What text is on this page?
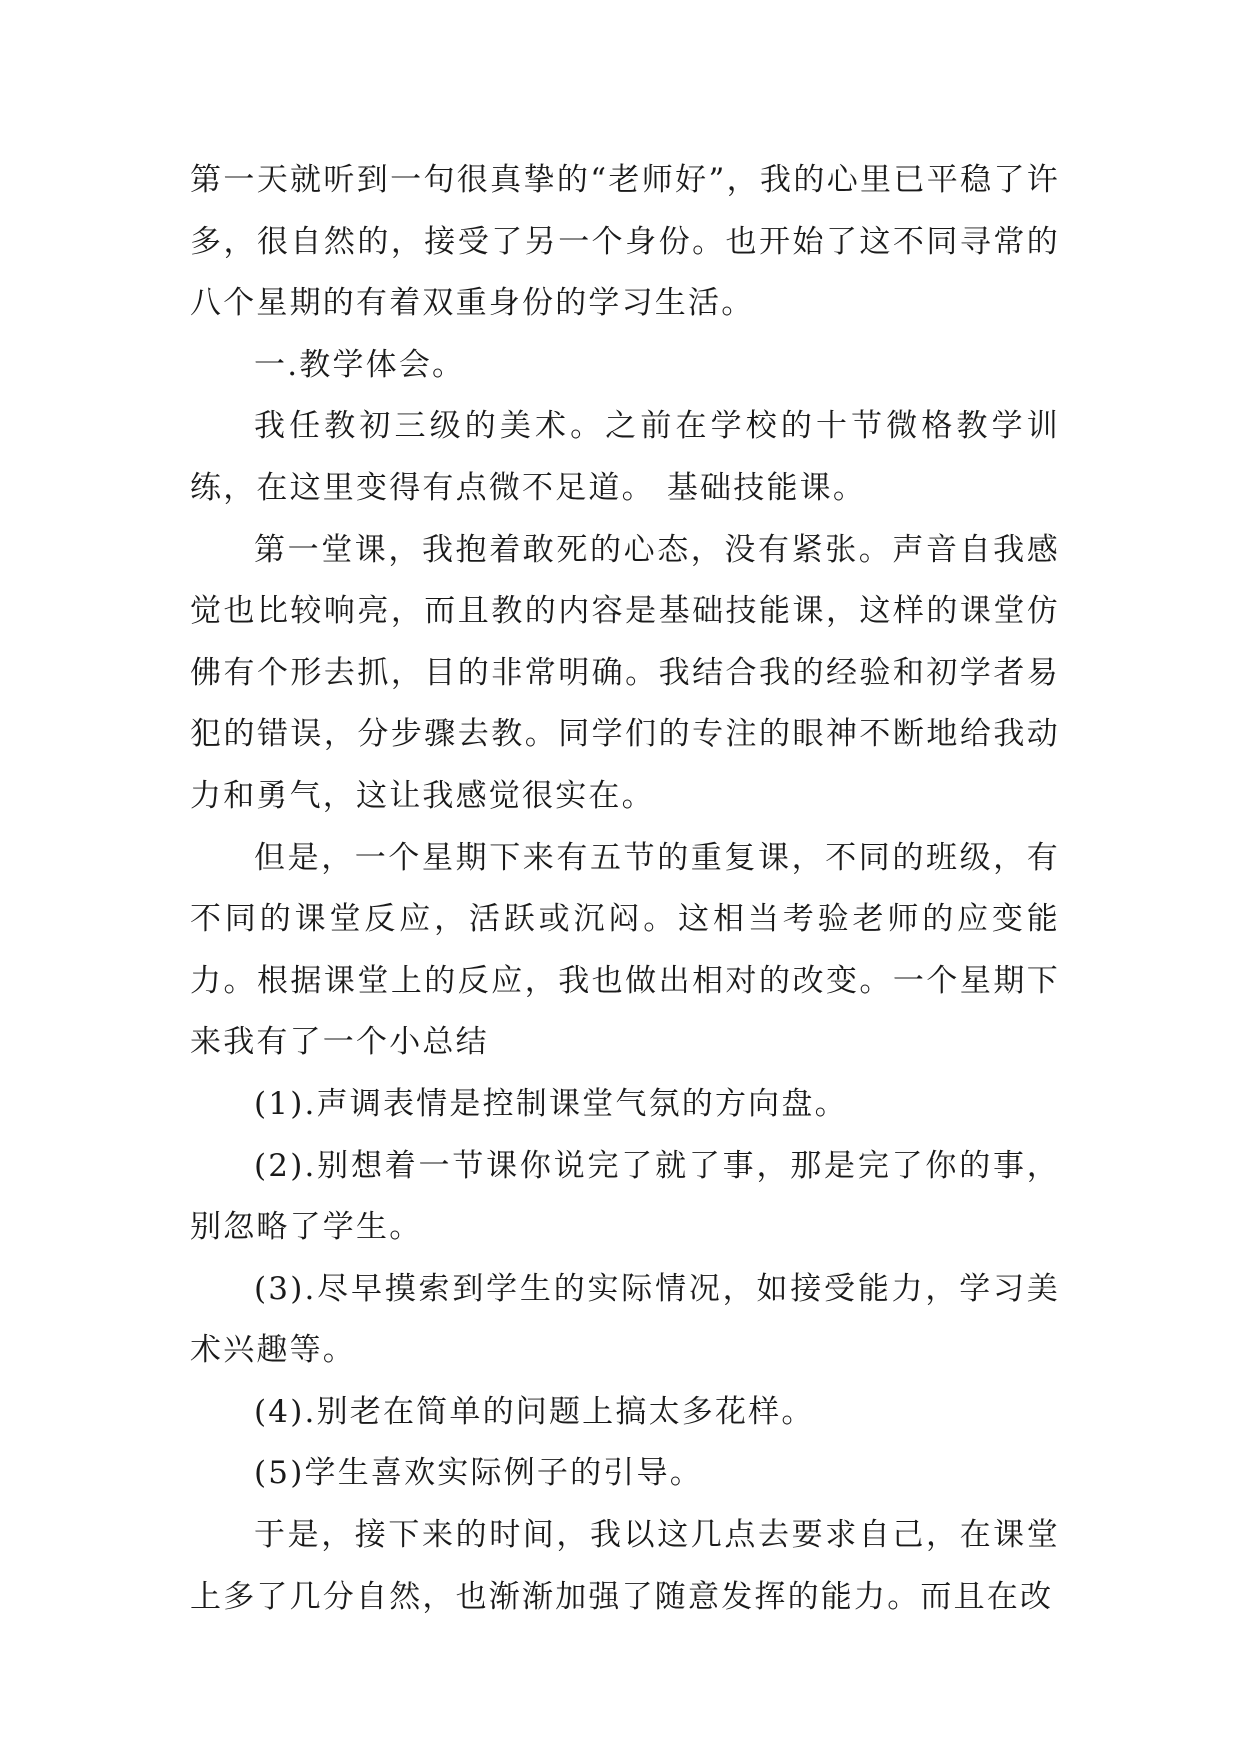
第一天就听到一句很真挚的“老师好”，我的心里已平稳了许多，很自然的，接受了另一个身份。也开始了这不同寻常的八个星期的有着双重身份的学习生活。

一.教学体会。

我任教初三级的美术。之前在学校的十节微格教学训练，在这里变得有点微不足道。 基础技能课。

第一堂课，我抱着敢死的心态，没有紧张。声音自我感觉也比较响亮，而且教的内容是基础技能课，这样的课堂仿佛有个形去抓，目的非常明确。我结合我的经验和初学者易犯的错误，分步骤去教。同学们的专注的眼神不断地给我动力和勇气，这让我感觉很实在。

但是，一个星期下来有五节的重复课，不同的班级，有不同的课堂反应，活跃或沉闷。这相当考验老师的应变能力。根据课堂上的反应，我也做出相对的改变。一个星期下来我有了一个小总结

(1).声调表情是控制课堂气氛的方向盘。

(2).别想着一节课你说完了就了事，那是完了你的事，别忽略了学生。

(3).尽早摸索到学生的实际情况，如接受能力，学习美术兴趣等。

(4).别老在简单的问题上搞太多花样。

(5)学生喜欢实际例子的引导。

于是，接下来的时间，我以这几点去要求自己，在课堂上多了几分自然，也渐渐加强了随意发挥的能力。而且在改
